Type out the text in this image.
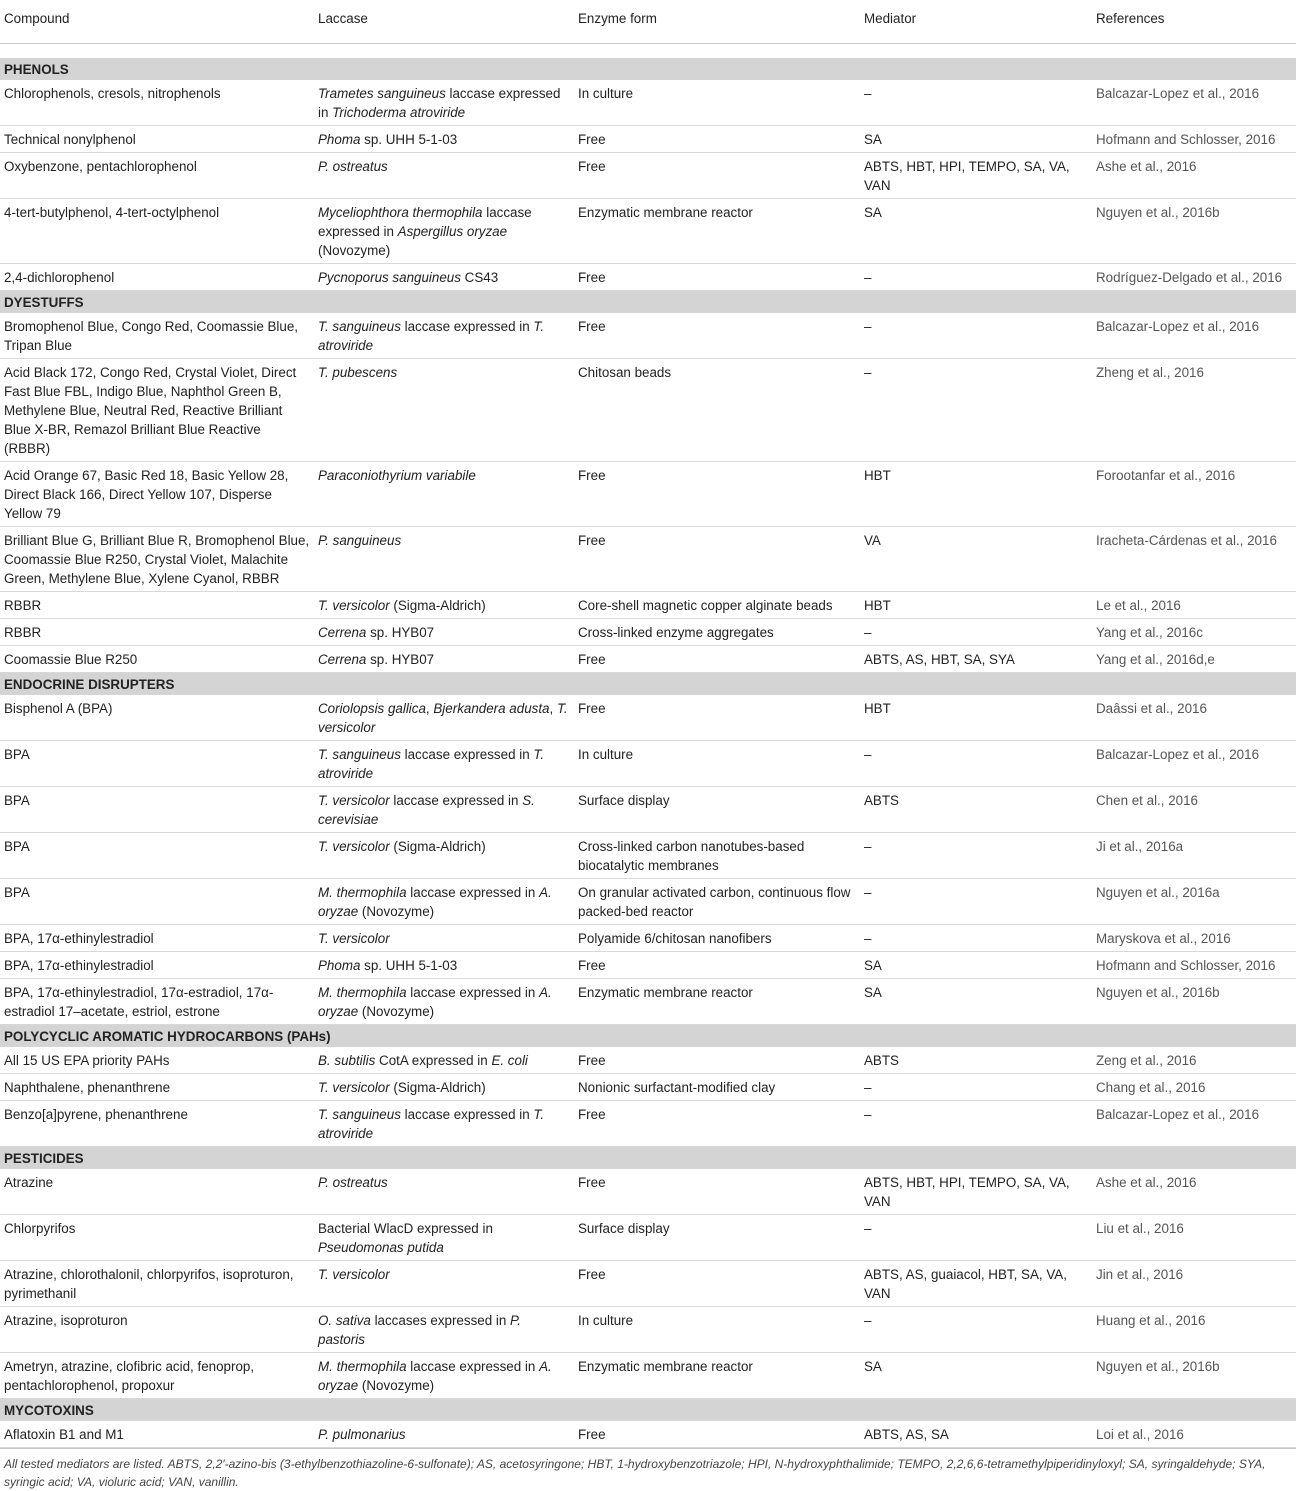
Compound	Laccase	Enzyme form	Mediator	References

PHENOLS				
Chlorophenols, cresols, nitrophenols	Trametes sanguineus laccase expressed in Trichoderma atroviride	In culture	–	Balcazar-Lopez et al., 2016
Technical nonylphenol	Phoma sp. UHH 5-1-03	Free	SA	Hofmann and Schlosser, 2016
Oxybenzone, pentachlorophenol	P. ostreatus	Free	ABTS, HBT, HPI, TEMPO, SA, VA, VAN	Ashe et al., 2016
4-tert-butylphenol, 4-tert-octylphenol	Myceliophthora thermophila laccase expressed in Aspergillus oryzae (Novozyme)	Enzymatic membrane reactor	SA	Nguyen et al., 2016b
2,4-dichlorophenol	Pycnoporus sanguineus CS43	Free	–	Rodríguez-Delgado et al., 2016
DYESTUFFS				
Bromophenol Blue, Congo Red, Coomassie Blue, Tripan Blue	T. sanguineus laccase expressed in T. atroviride	Free	–	Balcazar-Lopez et al., 2016
Acid Black 172, Congo Red, Crystal Violet, Direct Fast Blue FBL, Indigo Blue, Naphthol Green B, Methylene Blue, Neutral Red, Reactive Brilliant Blue X-BR, Remazol Brilliant Blue Reactive (RBBR)	T. pubescens	Chitosan beads	–	Zheng et al., 2016
Acid Orange 67, Basic Red 18, Basic Yellow 28, Direct Black 166, Direct Yellow 107, Disperse Yellow 79	Paraconiothyrium variabile	Free	HBT	Forootanfar et al., 2016
Brilliant Blue G, Brilliant Blue R, Bromophenol Blue, Coomassie Blue R250, Crystal Violet, Malachite Green, Methylene Blue, Xylene Cyanol, RBBR	P. sanguineus	Free	VA	Iracheta-Cárdenas et al., 2016
RBBR	T. versicolor (Sigma-Aldrich)	Core-shell magnetic copper alginate beads	HBT	Le et al., 2016
RBBR	Cerrena sp. HYB07	Cross-linked enzyme aggregates	–	Yang et al., 2016c
Coomassie Blue R250	Cerrena sp. HYB07	Free	ABTS, AS, HBT, SA, SYA	Yang et al., 2016d,e
ENDOCRINE DISRUPTERS				
Bisphenol A (BPA)	Coriolopsis gallica, Bjerkandera adusta, T. versicolor	Free	HBT	Daâssi et al., 2016
BPA	T. sanguineus laccase expressed in T. atroviride	In culture	–	Balcazar-Lopez et al., 2016
BPA	T. versicolor laccase expressed in S. cerevisiae	Surface display	ABTS	Chen et al., 2016
BPA	T. versicolor (Sigma-Aldrich)	Cross-linked carbon nanotubes-based biocatalytic membranes	–	Ji et al., 2016a
BPA	M. thermophila laccase expressed in A. oryzae (Novozyme)	On granular activated carbon, continuous flow packed-bed reactor	–	Nguyen et al., 2016a
BPA, 17α-ethinylestradiol	T. versicolor	Polyamide 6/chitosan nanofibers	–	Maryskova et al., 2016
BPA, 17α-ethinylestradiol	Phoma sp. UHH 5-1-03	Free	SA	Hofmann and Schlosser, 2016
BPA, 17α-ethinylestradiol, 17α-estradiol, 17α-estradiol 17–acetate, estriol, estrone	M. thermophila laccase expressed in A. oryzae (Novozyme)	Enzymatic membrane reactor	SA	Nguyen et al., 2016b
POLYCYCLIC AROMATIC HYDROCARBONS (PAHs)				
All 15 US EPA priority PAHs	B. subtilis CotA expressed in E. coli	Free	ABTS	Zeng et al., 2016
Naphthalene, phenanthrene	T. versicolor (Sigma-Aldrich)	Nonionic surfactant-modified clay	–	Chang et al., 2016
Benzo[a]pyrene, phenanthrene	T. sanguineus laccase expressed in T. atroviride	Free	–	Balcazar-Lopez et al., 2016
PESTICIDES				
Atrazine	P. ostreatus	Free	ABTS, HBT, HPI, TEMPO, SA, VA, VAN	Ashe et al., 2016
Chlorpyrifos	Bacterial WlacD expressed in Pseudomonas putida	Surface display	–	Liu et al., 2016
Atrazine, chlorothalonil, chlorpyrifos, isoproturon, pyrimethanil	T. versicolor	Free	ABTS, AS, guaiacol, HBT, SA, VA, VAN	Jin et al., 2016
Atrazine, isoproturon	O. sativa laccases expressed in P. pastoris	In culture	–	Huang et al., 2016
Ametryn, atrazine, clofibric acid, fenoprop, pentachlorophenol, propoxur	M. thermophila laccase expressed in A. oryzae (Novozyme)	Enzymatic membrane reactor	SA	Nguyen et al., 2016b
MYCOTOXINS				
Aflatoxin B1 and M1	P. pulmonarius	Free	ABTS, AS, SA	Loi et al., 2016
All tested mediators are listed. ABTS, 2,2′-azino-bis (3-ethylbenzothiazoline-6-sulfonate); AS, acetosyringone; HBT, 1-hydroxybenzotriazole; HPI, N-hydroxyphthalimide; TEMPO, 2,2,6,6-tetramethylpiperidinyloxyl; SA, syringaldehyde; SYA, syringic acid; VA, violuric acid; VAN, vanillin.
